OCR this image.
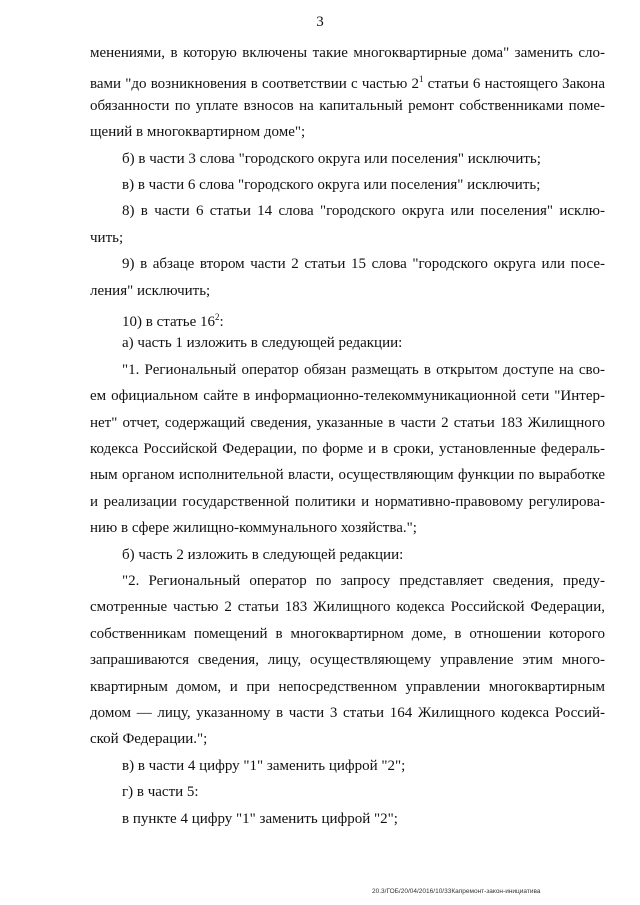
3
менениями, в которую включены такие многоквартирные дома" заменить сло-
вами "до возникновения в соответствии с частью $2^1$ статьи 6 настоящего Закона
обязанности по уплате взносов на капитальный ремонт собственниками поме-
щений в многоквартирном доме";
б) в части 3 слова "городского округа или поселения" исключить;
в) в части 6 слова "городского округа или поселения" исключить;
8) в части 6 статьи 14 слова "городского округа или поселения" исклю-
чить;
9) в абзаце втором части 2 статьи 15 слова "городского округа или посе-
ления" исключить;
10) в статье $16^2$:
а) часть 1 изложить в следующей редакции:
"1. Региональный оператор обязан размещать в открытом доступе на сво-
ем официальном сайте в информационно-телекоммуникационной сети "Интер-
нет" отчет, содержащий сведения, указанные в части 2 статьи 183 Жилищного
кодекса Российской Федерации, по форме и в сроки, установленные федераль-
ным органом исполнительной власти, осуществляющим функции по выработке
и реализации государственной политики и нормативно-правовому регулирова-
нию в сфере жилищно-коммунального хозяйства.";
б) часть 2 изложить в следующей редакции:
"2. Региональный оператор по запросу представляет сведения, преду-
смотренные частью 2 статьи 183 Жилищного кодекса Российской Федерации,
собственникам помещений в многоквартирном доме, в отношении которого
запрашиваются сведения, лицу, осуществляющему управление этим много-
квартирным домом, и при непосредственном управлении многоквартирным
домом — лицу, указанному в части 3 статьи 164 Жилищного кодекса Россий-
ской Федерации.";
в) в части 4 цифру "1" заменить цифрой "2";
г) в части 5:
в пункте 4 цифру "1" заменить цифрой "2";
20.3/ГОБ/20/04/2016/10/33Капремонт-закон-инициатива
